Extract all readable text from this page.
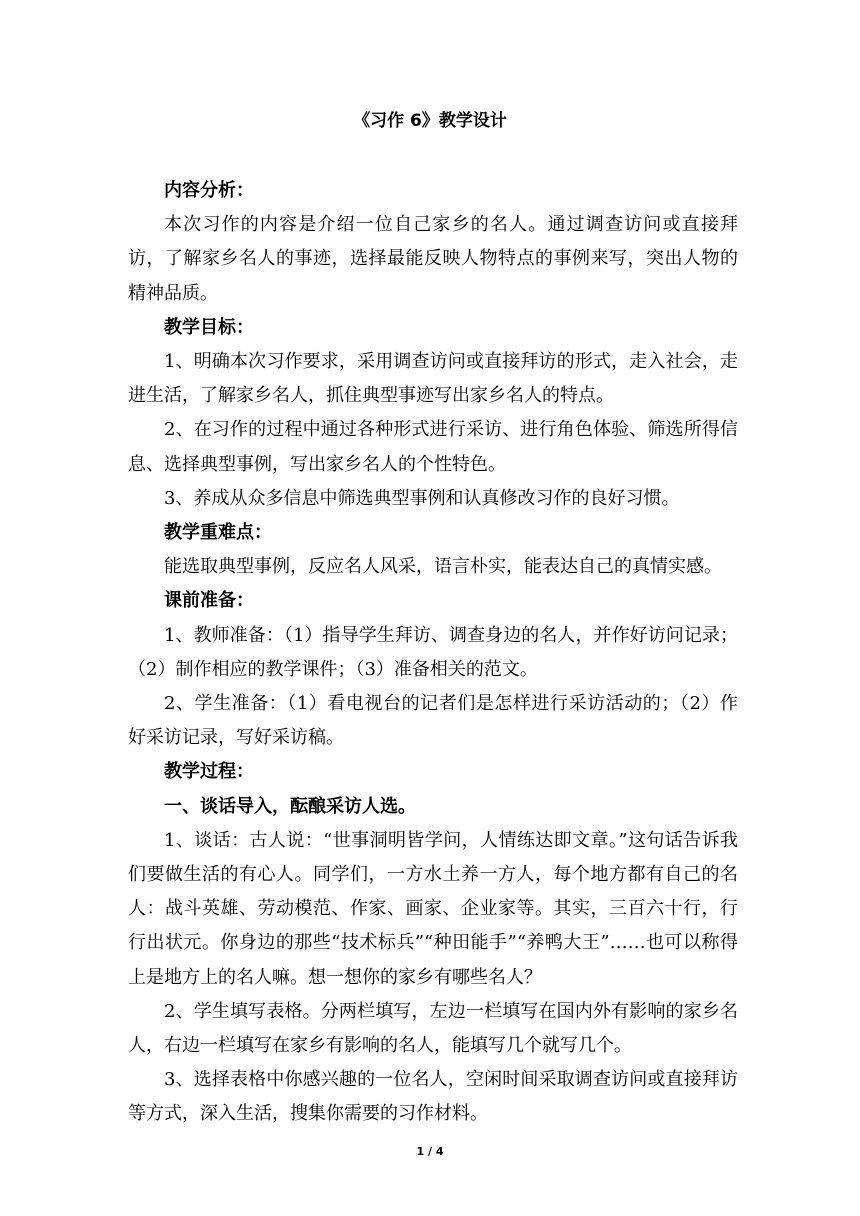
《习作 6》教学设计

内容分析：

本次习作的内容是介绍一位自己家乡的名人。通过调查访问或直接拜访，了解家乡名人的事迹，选择最能反映人物特点的事例来写，突出人物的精神品质。

教学目标：

1、明确本次习作要求，采用调查访问或直接拜访的形式，走入社会，走进生活，了解家乡名人，抓住典型事迹写出家乡名人的特点。

2、在习作的过程中通过各种形式进行采访、进行角色体验、筛选所得信息、选择典型事例，写出家乡名人的个性特色。

3、养成从众多信息中筛选典型事例和认真修改习作的良好习惯。

教学重难点：

能选取典型事例，反应名人风采，语言朴实，能表达自己的真情实感。

课前准备：

1、教师准备：（1）指导学生拜访、调查身边的名人，并作好访问记录；（2）制作相应的教学课件；（3）准备相关的范文。

2、学生准备：（1）看电视台的记者们是怎样进行采访活动的；（2）作好采访记录，写好采访稿。

教学过程：

一、谈话导入，酝酿采访人选。

1、谈话：古人说：“世事洞明皆学问，人情练达即文章。”这句话告诉我们要做生活的有心人。同学们，一方水土养一方人，每个地方都有自己的名人：战斗英雄、劳动模范、作家、画家、企业家等。其实，三百六十行，行行出状元。你身边的那些“技术标兵”“种田能手”“养鸭大王”……也可以称得上是地方上的名人嘛。想一想你的家乡有哪些名人？

2、学生填写表格。分两栏填写，左边一栏填写在国内外有影响的家乡名人，右边一栏填写在家乡有影响的名人，能填写几个就写几个。

3、选择表格中你感兴趣的一位名人，空闲时间采取调查访问或直接拜访等方式，深入生活，搜集你需要的习作材料。

1 / 4
